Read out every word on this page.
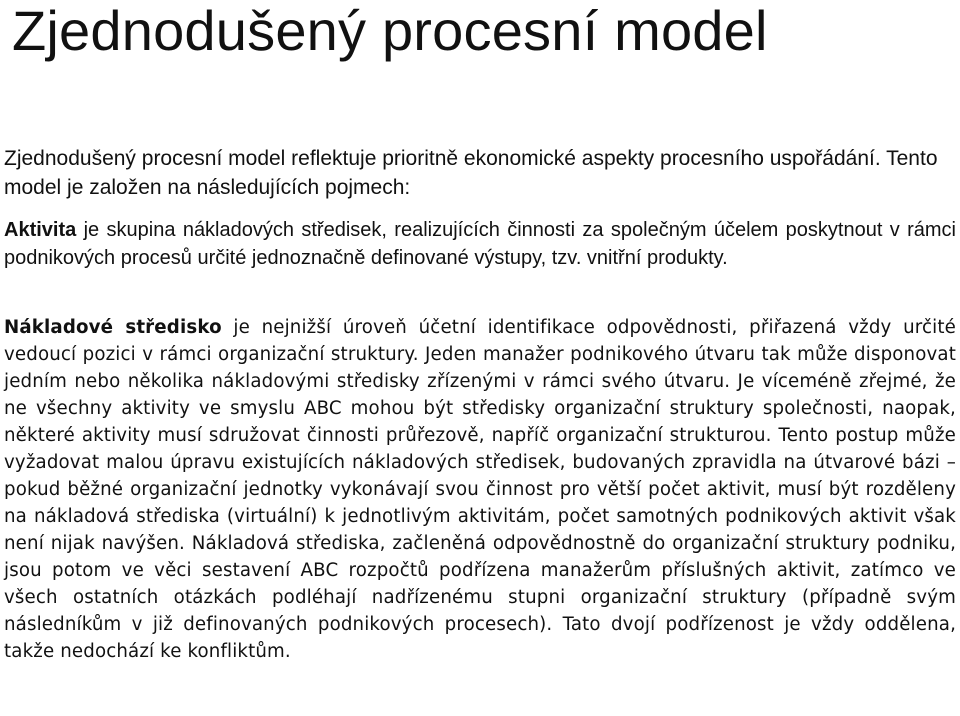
Zjednodušený procesní model

Zjednodušený procesní model reflektuje prioritně ekonomické aspekty procesního uspořádání. Tento model je založen na následujících pojmech:

Aktivita je skupina nákladových středisek, realizujících činnosti za společným účelem poskytnout v rámci podnikových procesů určité jednoznačně definované výstupy, tzv. vnitřní produkty.

Nákladové středisko je nejnižší úroveň účetní identifikace odpovědnosti, přiřazená vždy určité vedoucí pozici v rámci organizační struktury. Jeden manažer podnikového útvaru tak může disponovat jedním nebo několika nákladovými středisky zřízenými v rámci svého útvaru. Je víceméně zřejmé, že ne všechny aktivity ve smyslu ABC mohou být středisky organizační struktury společnosti, naopak, některé aktivity musí sdružovat činnosti průřezově, napříč organizační strukturou. Tento postup může vyžadovat malou úpravu existujících nákladových středisek, budovaných zpravidla na útvarové bázi – pokud běžné organizační jednotky vykonávají svou činnost pro větší počet aktivit, musí být rozděleny na nákladová střediska (virtuální) k jednotlivým aktivitám, počet samotných podnikových aktivit však není nijak navýšen. Nákladová střediska, začleněná odpovědnostně do organizační struktury podniku, jsou potom ve věci sestavení ABC rozpočtů podřízena manažerům příslušných aktivit, zatímco ve všech ostatních otázkách podléhají nadřízenému stupni organizační struktury (případně svým následníkům v již definovaných podnikových procesech). Tato dvojí podřízenost je vždy oddělena, takže nedochází ke konfliktům.
